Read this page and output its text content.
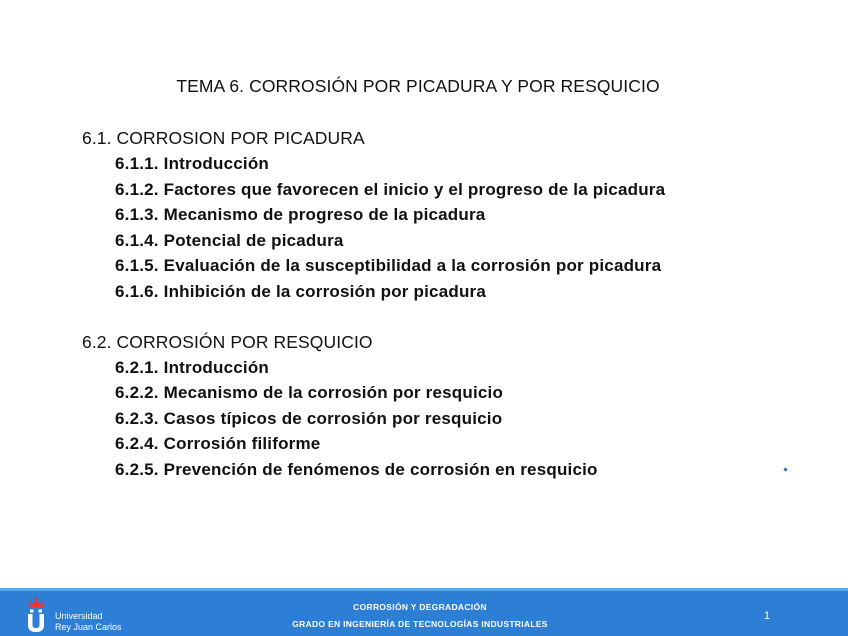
TEMA 6. CORROSIÓN POR PICADURA Y POR RESQUICIO
6.1. CORROSION POR PICADURA
6.1.1. Introducción
6.1.2. Factores que favorecen el inicio y el progreso de la picadura
6.1.3. Mecanismo de progreso de la picadura
6.1.4. Potencial de picadura
6.1.5. Evaluación de la susceptibilidad a la corrosión por picadura
6.1.6. Inhibición de la corrosión por picadura
6.2. CORROSIÓN POR RESQUICIO
6.2.1. Introducción
6.2.2. Mecanismo de la corrosión por resquicio
6.2.3. Casos típicos de corrosión por resquicio
6.2.4. Corrosión filiforme
6.2.5. Prevención de fenómenos de corrosión en resquicio
Universidad
Rey Juan Carlos
CORROSIÓN Y DEGRADACIÓN
GRADO EN INGENIERÍA DE TECNOLOGÍAS INDUSTRIALES
1
